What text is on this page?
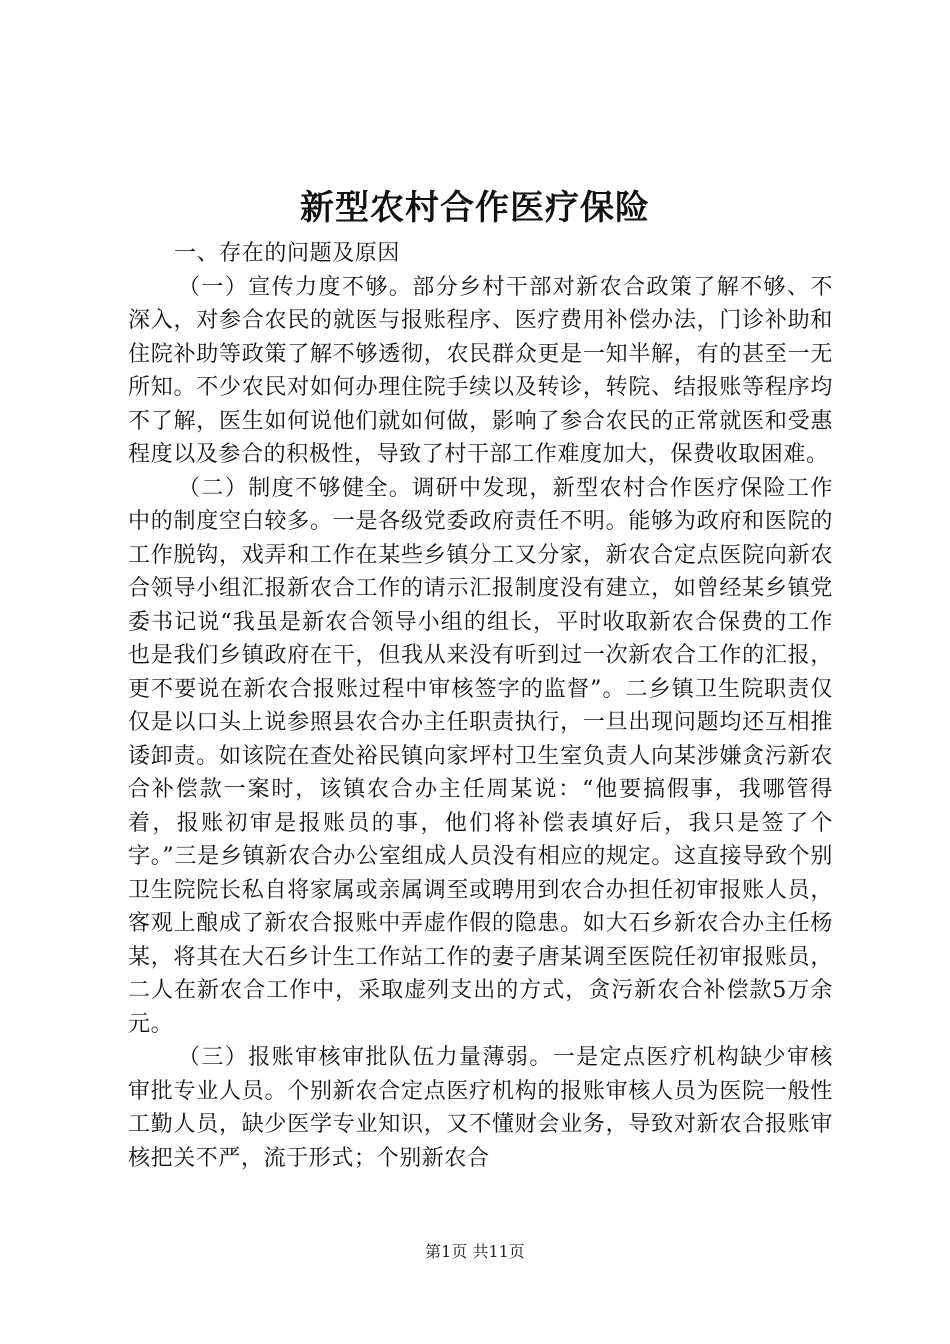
新型农村合作医疗保险

一、存在的问题及原因

（一）宣传力度不够。部分乡村干部对新农合政策了解不够、不深入，对参合农民的就医与报账程序、医疗费用补偿办法，门诊补助和住院补助等政策了解不够透彻，农民群众更是一知半解，有的甚至一无所知。不少农民对如何办理住院手续以及转诊，转院、结报账等程序均不了解，医生如何说他们就如何做，影响了参合农民的正常就医和受惠程度以及参合的积极性，导致了村干部工作难度加大，保费收取困难。

（二）制度不够健全。调研中发现，新型农村合作医疗保险工作中的制度空白较多。一是各级党委政府责任不明。能够为政府和医院的工作脱钩，戏弄和工作在某些乡镇分工又分家，新农合定点医院向新农合领导小组汇报新农合工作的请示汇报制度没有建立，如曾经某乡镇党委书记说“我虽是新农合领导小组的组长，平时收取新农合保费的工作也是我们乡镇政府在干，但我从来没有听到过一次新农合工作的汇报，更不要说在新农合报账过程中审核签字的监督”。二乡镇卫生院职责仅仅是以口头上说参照县农合办主任职责执行，一旦出现问题均还互相推诿卸责。如该院在查处裕民镇向家坪村卫生室负责人向某涉嫌贪污新农合补偿款一案时，该镇农合办主任周某说：“他要搞假事，我哪管得着，报账初审是报账员的事，他们将补偿表填好后，我只是签了个字。”三是乡镇新农合办公室组成人员没有相应的规定。这直接导致个别卫生院院长私自将家属或亲属调至或聘用到农合办担任初审报账人员，客观上酿成了新农合报账中弄虚作假的隐患。如大石乡新农合办主任杨某，将其在大石乡计生工作站工作的妻子唐某调至医院任初审报账员，二人在新农合工作中，采取虚列支出的方式，贪污新农合补偿款5万余元。

（三）报账审核审批队伍力量薄弱。一是定点医疗机构缺少审核审批专业人员。个别新农合定点医疗机构的报账审核人员为医院一般性工勤人员，缺少医学专业知识，又不懂财会业务，导致对新农合报账审核把关不严，流于形式；个别新农合

第1页 共11页
